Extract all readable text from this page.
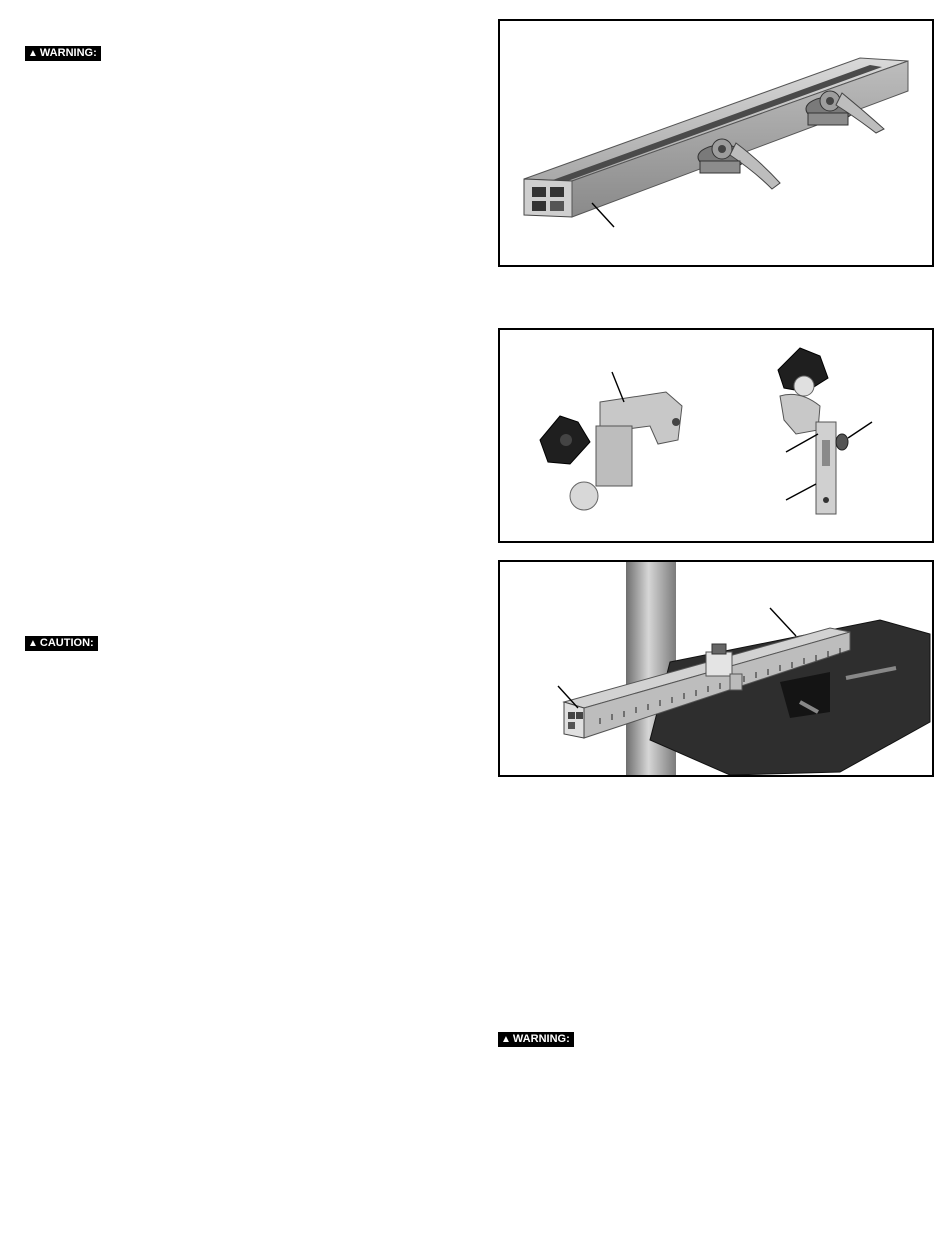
▲ WARNING:
▲ CAUTION:
▲ WARNING:
